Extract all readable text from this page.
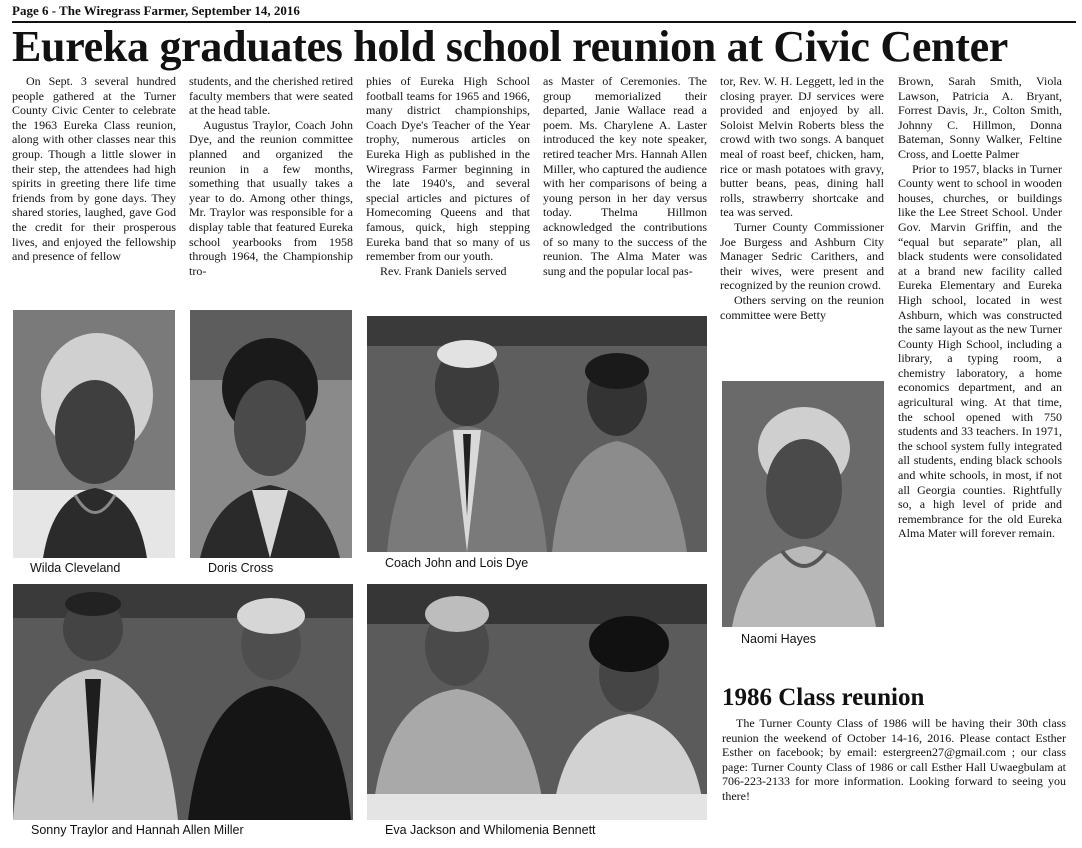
Page 6 - The Wiregrass Farmer, September 14, 2016
Eureka graduates hold school reunion at Civic Center

On Sept. 3 several hundred people gathered at the Turner County Civic Center to celebrate the 1963 Eureka Class reunion, along with other classes near this group. Though a little slower in their step, the attendees had high spirits in greeting there life time friends from by gone days. They shared stories, laughed, gave God the credit for their prosperous lives, and enjoyed the fellowship and presence of fellow

students, and the cherished retired faculty members that were seated at the head table.

Augustus Traylor, Coach John Dye, and the reunion committee planned and organized the reunion in a few months, something that usually takes a year to do. Among other things, Mr. Traylor was responsible for a display table that featured Eureka school yearbooks from 1958 through 1964, the Championship tro-

phies of Eureka High School football teams for 1965 and 1966, many district championships, Coach Dye's Teacher of the Year trophy, numerous articles on Eureka High as published in the Wiregrass Farmer beginning in the late 1940's, and several special articles and pictures of Homecoming Queens and that famous, quick, high stepping Eureka band that so many of us remember from our youth.

Rev. Frank Daniels served

as Master of Ceremonies. The group memorialized their departed, Janie Wallace read a poem. Ms. Charylene A. Laster introduced the key note speaker, retired teacher Mrs. Hannah Allen Miller, who captured the audience with her comparisons of being a young person in her day versus today. Thelma Hillmon acknowledged the contributions of so many to the success of the reunion. The Alma Mater was sung and the popular local pas-

tor, Rev. W. H. Leggett, led in the closing prayer. DJ services were provided and enjoyed by all. Soloist Melvin Roberts bless the crowd with two songs. A banquet meal of roast beef, chicken, ham, rice or mash potatoes with gravy, butter beans, peas, dining hall rolls, strawberry shortcake and tea was served.

Turner County Commissioner Joe Burgess and Ashburn City Manager Sedric Carithers, and their wives, were present and recognized by the reunion crowd.

Others serving on the reunion committee were Betty

Brown, Sarah Smith, Viola Lawson, Patricia A. Bryant, Forrest Davis, Jr., Colton Smith, Johnny C. Hillmon, Donna Bateman, Sonny Walker, Feltine Cross, and Loette Palmer

Prior to 1957, blacks in Turner County went to school in wooden houses, churches, or buildings like the Lee Street School. Under Gov. Marvin Griffin, and the “equal but separate” plan, all black students were consolidated at a brand new facility called Eureka Elementary and Eureka High school, located in west Ashburn, which was constructed the same layout as the new Turner County High School, including a library, a typing room, a chemistry laboratory, a home economics department, and an agricultural wing. At that time, the school opened with 750 students and 33 teachers. In 1971, the school system fully integrated all students, ending black schools and white schools, in most, if not all Georgia counties. Rightfully so, a high level of pride and remembrance for the old Eureka Alma Mater will forever remain.

Wilda Cleveland	Doris Cross	Coach John and Lois Dye
Naomi Hayes
Sonny Traylor and Hannah Allen Miller	Eva Jackson and Whilomenia Bennett
1986 Class reunion

The Turner County Class of 1986 will be having their 30th class reunion the weekend of October 14-16, 2016. Please contact Esther Esther on facebook; by email: estergreen27@gmail.com ; our class page: Turner County Class of 1986 or call Esther Hall Uwaegbulam at 706-223-2133 for more information. Looking forward to seeing you there!
